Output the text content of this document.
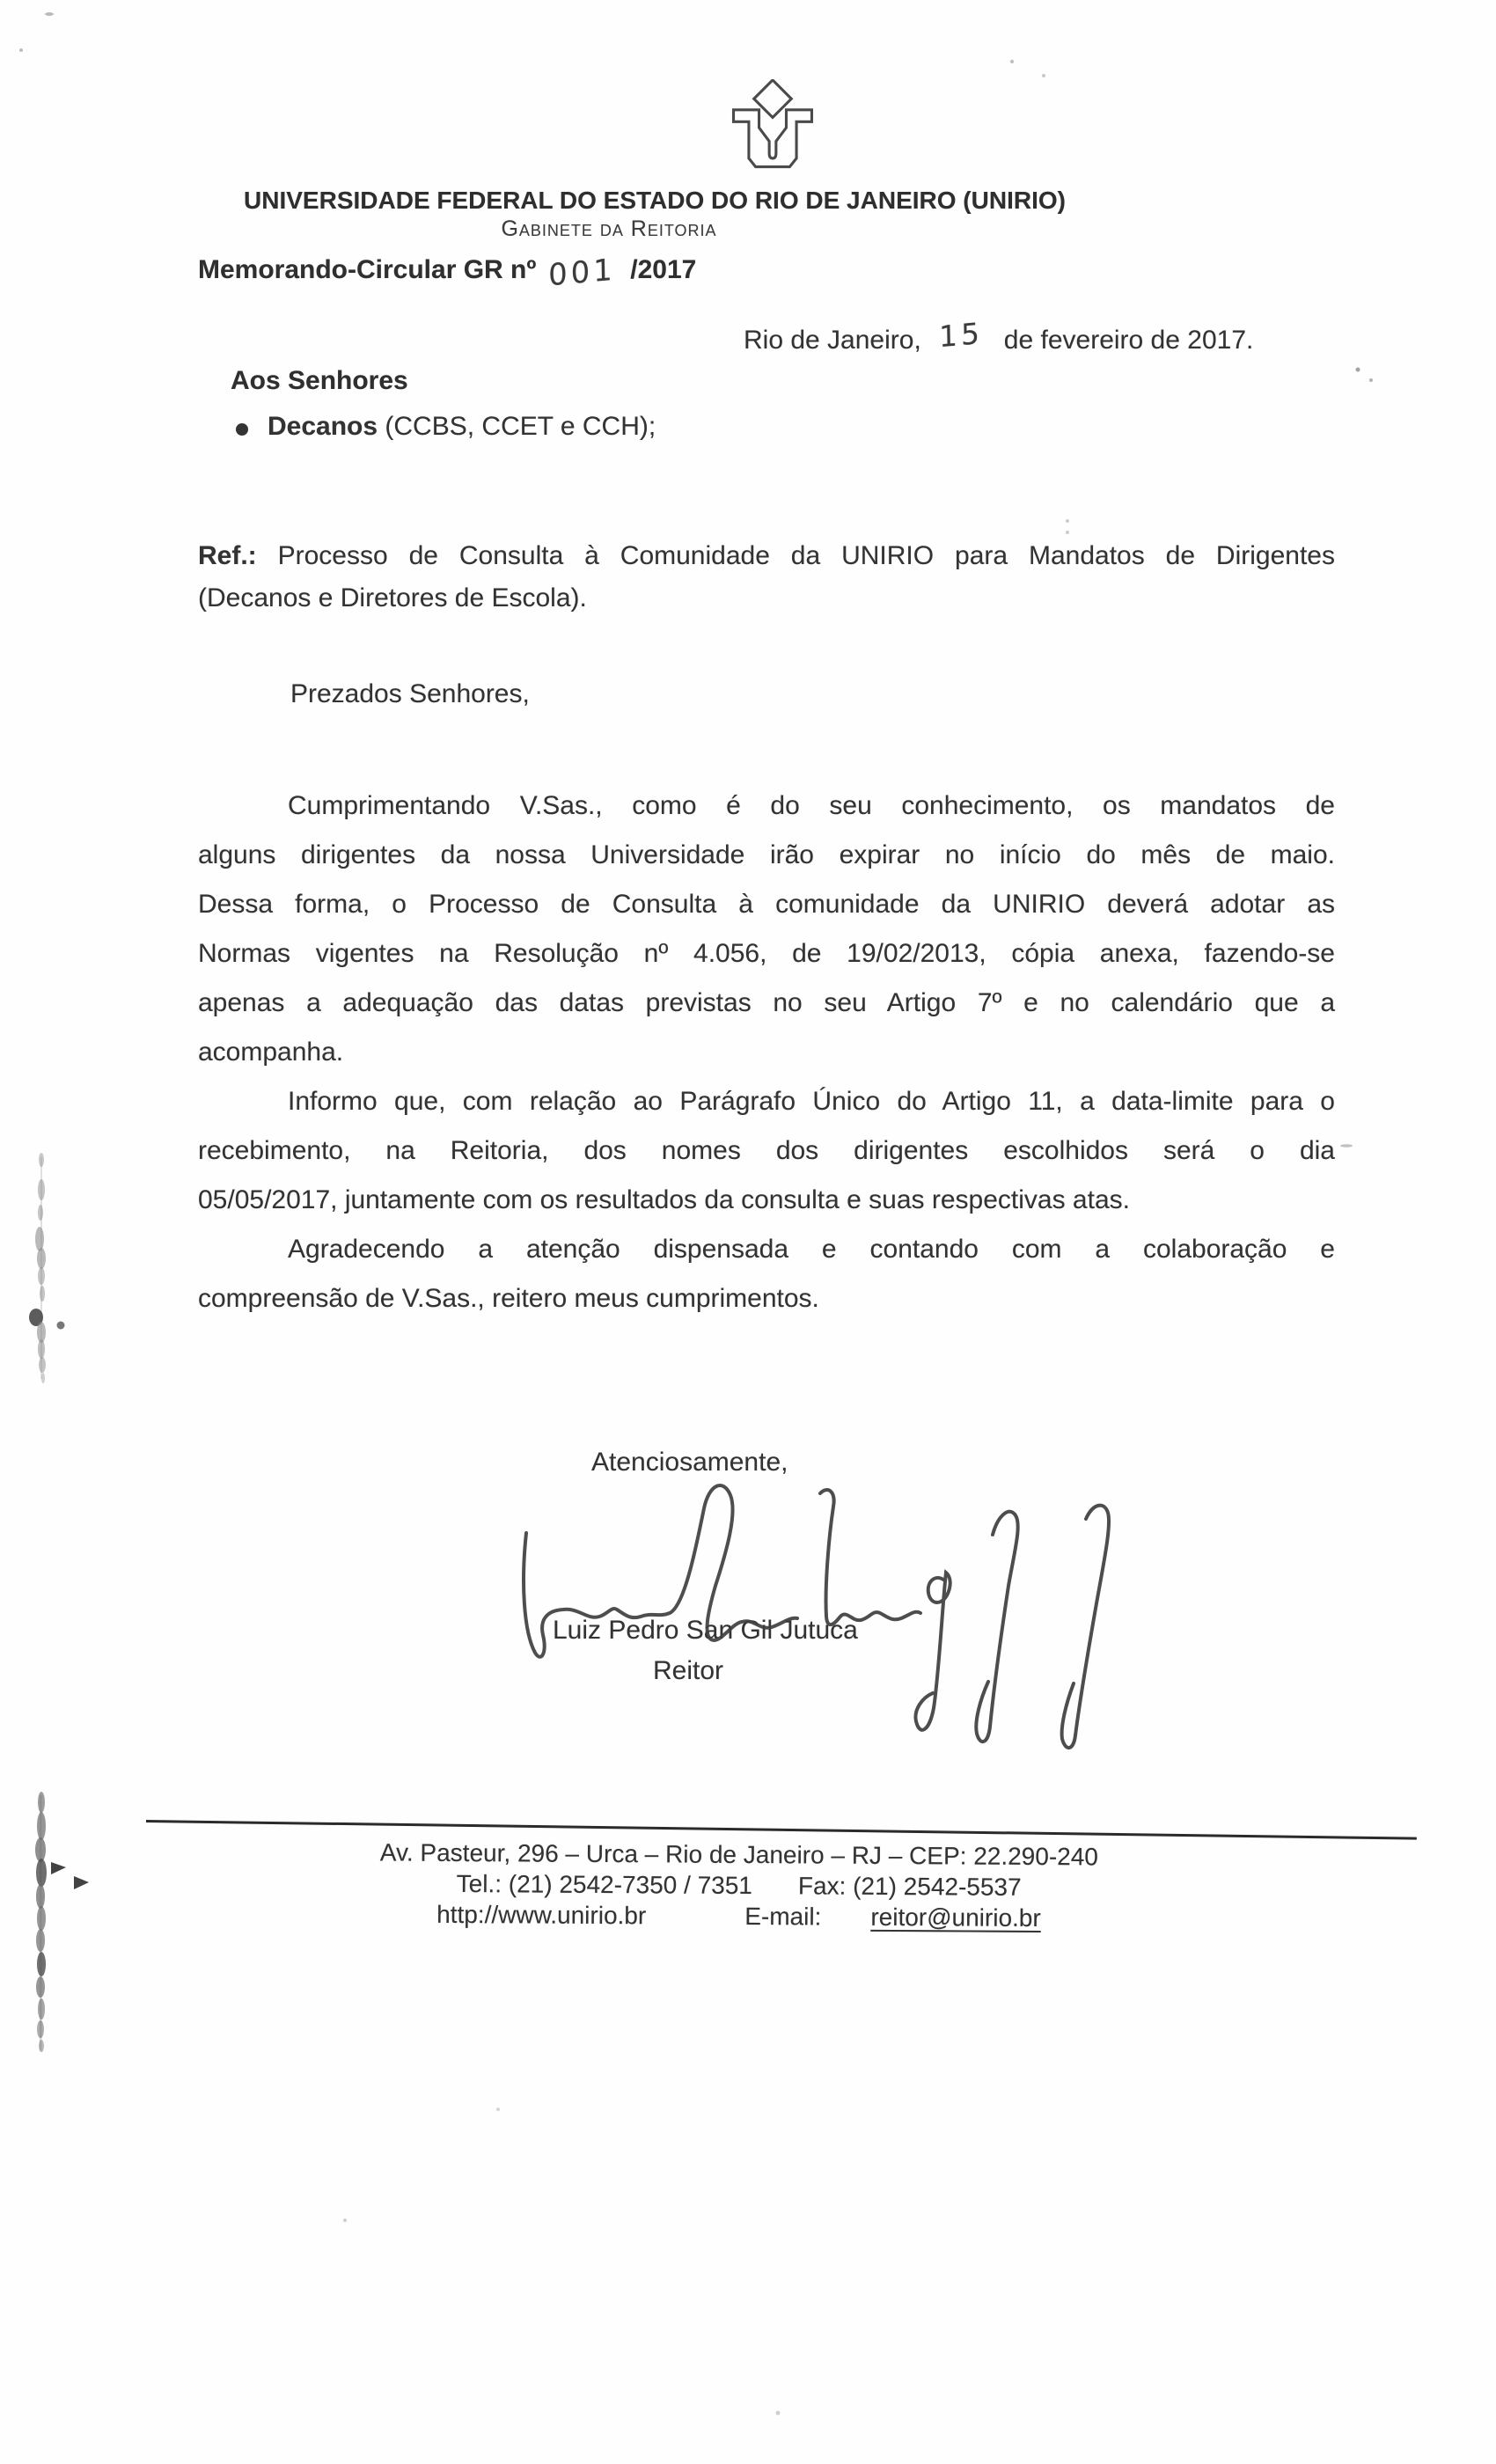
UNIVERSIDADE FEDERAL DO ESTADO DO RIO DE JANEIRO (UNIRIO)
Gabinete da Reitoria
Memorando-Circular GR nº 001 /2017
Rio de Janeiro, 15 de fevereiro de 2017.
Aos Senhores
Decanos (CCBS, CCET e CCH);
Ref.: Processo de Consulta à Comunidade da UNIRIO para Mandatos de Dirigentes
(Decanos e Diretores de Escola).
Prezados Senhores,
Cumprimentando V.Sas., como é do seu conhecimento, os mandatos de
alguns dirigentes da nossa Universidade irão expirar no início do mês de maio.
Dessa forma, o Processo de Consulta à comunidade da UNIRIO deverá adotar as
Normas vigentes na Resolução nº 4.056, de 19/02/2013, cópia anexa, fazendo-se
apenas a adequação das datas previstas no seu Artigo 7º e no calendário que a
acompanha.
Informo que, com relação ao Parágrafo Único do Artigo 11, a data-limite para o
recebimento, na Reitoria, dos nomes dos dirigentes escolhidos será o dia
05/05/2017, juntamente com os resultados da consulta e suas respectivas atas.
Agradecendo a atenção dispensada e contando com a colaboração e
compreensão de V.Sas., reitero meus cumprimentos.
Atenciosamente,
Luiz Pedro San Gil Jutuca
Reitor
Av. Pasteur, 296 – Urca – Rio de Janeiro – RJ – CEP: 22.290-240
Tel.: (21) 2542-7350 / 7351 Fax: (21) 2542-5537
http://www.unirio.br	E-mail: reitor@unirio.br
